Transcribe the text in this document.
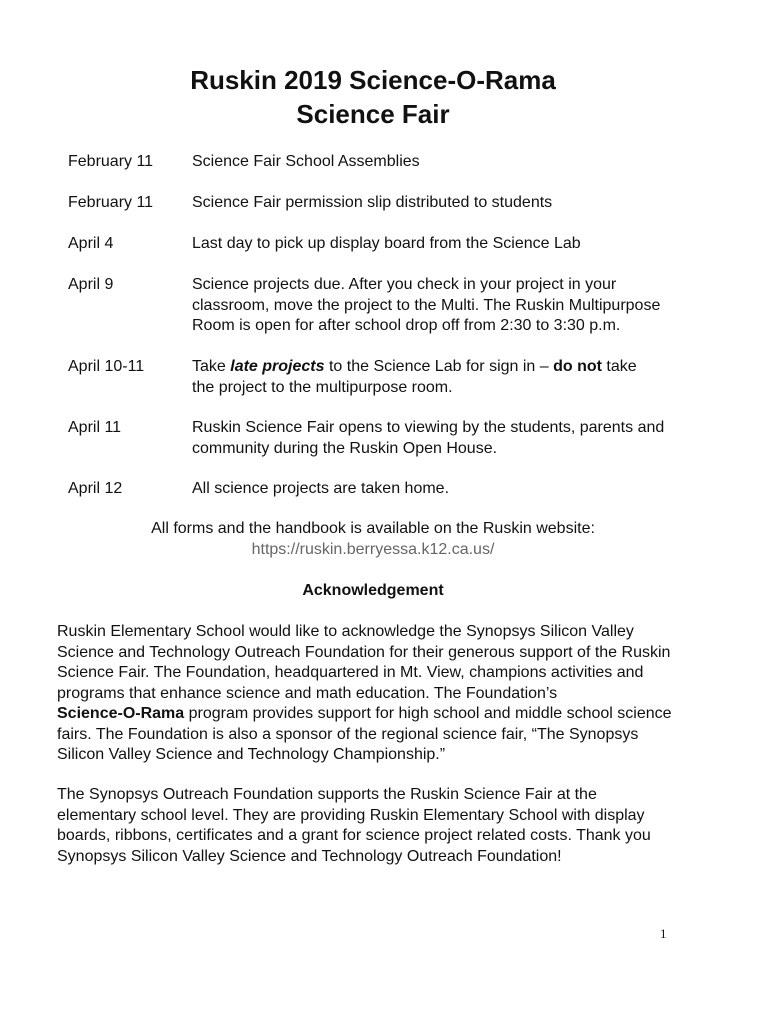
Ruskin 2019 Science-O-Rama
Science Fair
February 11	Science Fair School Assemblies
February 11	Science Fair permission slip distributed to students
April 4	Last day to pick up display board from the Science Lab
April 9	Science projects due. After you check in your project in your
classroom, move the project to the Multi. The Ruskin Multipurpose
Room is open for after school drop off from 2:30 to 3:30 p.m.
April 10-11	Take late projects to the Science Lab for sign in – do not take
the project to the multipurpose room.
April 11	Ruskin Science Fair opens to viewing by the students, parents and
community during the Ruskin Open House.
April 12	All science projects are taken home.
All forms and the handbook is available on the Ruskin website:
https://ruskin.berryessa.k12.ca.us/
Acknowledgement

Ruskin Elementary School would like to acknowledge the Synopsys Silicon Valley
Science and Technology Outreach Foundation for their generous support of the Ruskin
Science Fair. The Foundation, headquartered in Mt. View, champions activities and
programs that enhance science and math education. The Foundation’s
Science-O-Rama program provides support for high school and middle school science
fairs. The Foundation is also a sponsor of the regional science fair, “The Synopsys
Silicon Valley Science and Technology Championship.”

The Synopsys Outreach Foundation supports the Ruskin Science Fair at the
elementary school level. They are providing Ruskin Elementary School with display
boards, ribbons, certificates and a grant for science project related costs. Thank you
Synopsys Silicon Valley Science and Technology Outreach Foundation!

1
